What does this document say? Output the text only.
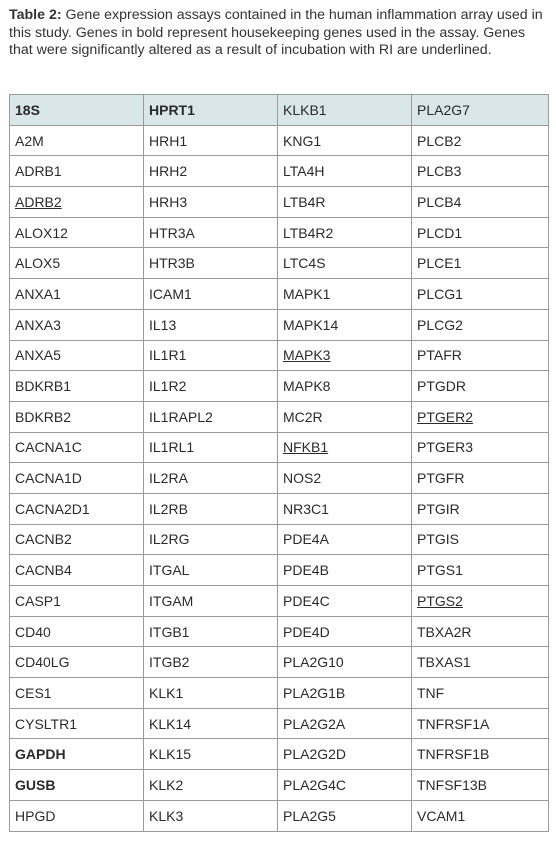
Table 2: Gene expression assays contained in the human inflammation array used in this study. Genes in bold represent housekeeping genes used in the assay. Genes that were significantly altered as a result of incubation with RI are underlined.
18S	HPRT1	KLKB1	PLA2G7
A2M	HRH1	KNG1	PLCB2
ADRB1	HRH2	LTA4H	PLCB3
ADRB2	HRH3	LTB4R	PLCB4
ALOX12	HTR3A	LTB4R2	PLCD1
ALOX5	HTR3B	LTC4S	PLCE1
ANXA1	ICAM1	MAPK1	PLCG1
ANXA3	IL13	MAPK14	PLCG2
ANXA5	IL1R1	MAPK3	PTAFR
BDKRB1	IL1R2	MAPK8	PTGDR
BDKRB2	IL1RAPL2	MC2R	PTGER2
CACNA1C	IL1RL1	NFKB1	PTGER3
CACNA1D	IL2RA	NOS2	PTGFR
CACNA2D1	IL2RB	NR3C1	PTGIR
CACNB2	IL2RG	PDE4A	PTGIS
CACNB4	ITGAL	PDE4B	PTGS1
CASP1	ITGAM	PDE4C	PTGS2
CD40	ITGB1	PDE4D	TBXA2R
CD40LG	ITGB2	PLA2G10	TBXAS1
CES1	KLK1	PLA2G1B	TNF
CYSLTR1	KLK14	PLA2G2A	TNFRSF1A
GAPDH	KLK15	PLA2G2D	TNFRSF1B
GUSB	KLK2	PLA2G4C	TNFSF13B
HPGD	KLK3	PLA2G5	VCAM1
